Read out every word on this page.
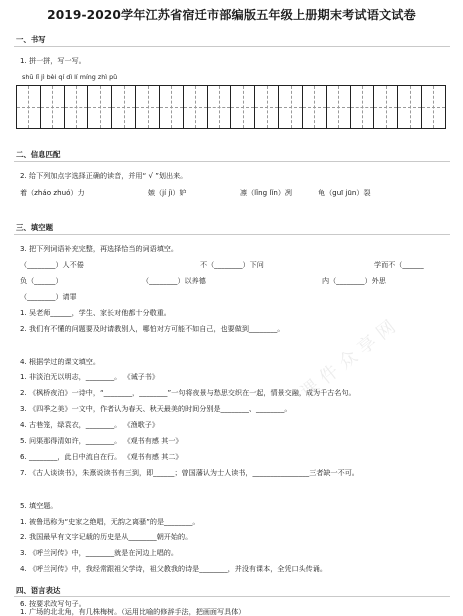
2019-2020学年江苏省宿迁市部编版五年级上册期末考试语文试卷
一、书写
1. 拼一拼，写一写。
shū lǐ jì bèi qí dì lí míng zhì pǔ
二、信息匹配
2. 给下列加点字选择正确的读音，并用“ √ ”划出来。
着（zháo zhuó）力	嫉（jí jì）妒	凛（lǐng lǐn）冽	龟（guī jūn）裂
三、填空题
3. 把下列词语补充完整，再选择恰当的词语填空。
（________）人不倦	不（________）下问	学而不（______
负（______）	（________）以养德	内（________）外思
（________）请罪
1. 吴老师______，学生、家长对他都十分敬重。
2. 我们有不懂的问题要及时请教别人，哪怕对方可能不如自己，也要做到________。
4. 根据学过的课文填空。
1. 非淡泊无以明志，________。 《诫子书》
2. 《枫桥夜泊》一诗中，“________，________”一句将夜景与愁思交织在一起，情景交融，成为千古名句。
3. 《四季之美》一文中，作者认为春天、秋天最美的时间分别是________、________。
4. 古巷笼，绿袁衣，________。 《渔歌子》
5. 问渠那得清如许，________。 《观书有感 其一》
6. ________，此日中流自在行。 《观书有感 其二》
7. 《古人谈读书》，朱熹说读书有三到，即______；曾国藩认为士人读书，________________三者缺一不可。
5. 填空题。
1. 被鲁迅称为“史家之绝唱，无韵之离骚”的是________。
2. 我国最早有文字记载的历史是从________朝开始的。
3. 《呼兰河传》中，________就是在河边上唱的。
4. 《呼兰河传》中，我经常跟祖父学诗，祖父教我的诗是________，并没有课本，全凭口头传诵。
四、语言表达
6. 按要求改写句子。
1. 广场的北北角，有几株梅树。（运用比喻的修辞手法，把画面写具体）
课件众享网
